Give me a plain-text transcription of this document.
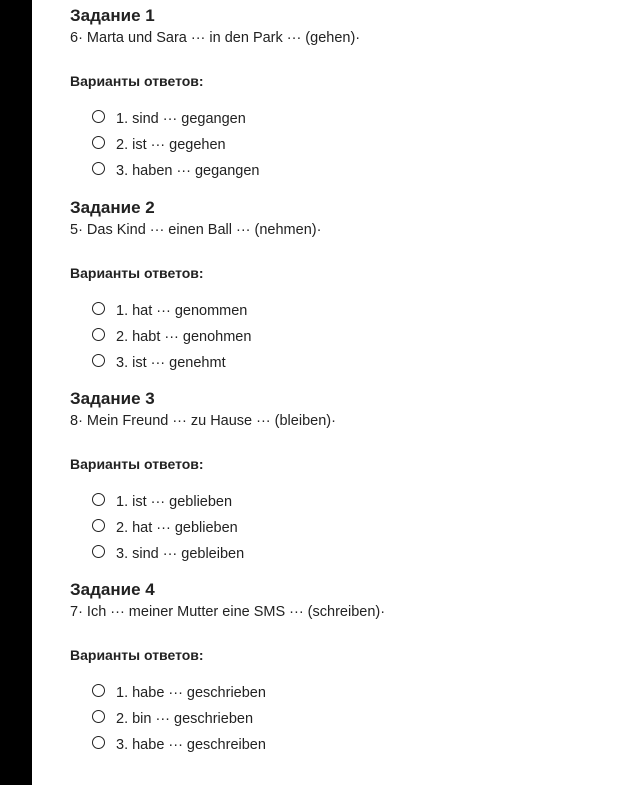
Задание 1
6· Marta und Sara ··· in den Park ··· (gehen)·
Варианты ответов:
1. sind ··· gegangen
2. ist ··· gegehen
3. haben ··· gegangen
Задание 2
5· Das Kind ··· einen Ball ··· (nehmen)·
Варианты ответов:
1. hat ··· genommen
2. habt ··· genohmen
3. ist ··· genehmt
Задание 3
8· Mein Freund ··· zu Hause ··· (bleiben)·
Варианты ответов:
1. ist ··· geblieben
2. hat ··· geblieben
3. sind ··· gebleiben
Задание 4
7· Ich ··· meiner Mutter eine SMS ··· (schreiben)·
Варианты ответов:
1. habe ··· geschrieben
2. bin ··· geschrieben
3. habe ··· geschreiben
